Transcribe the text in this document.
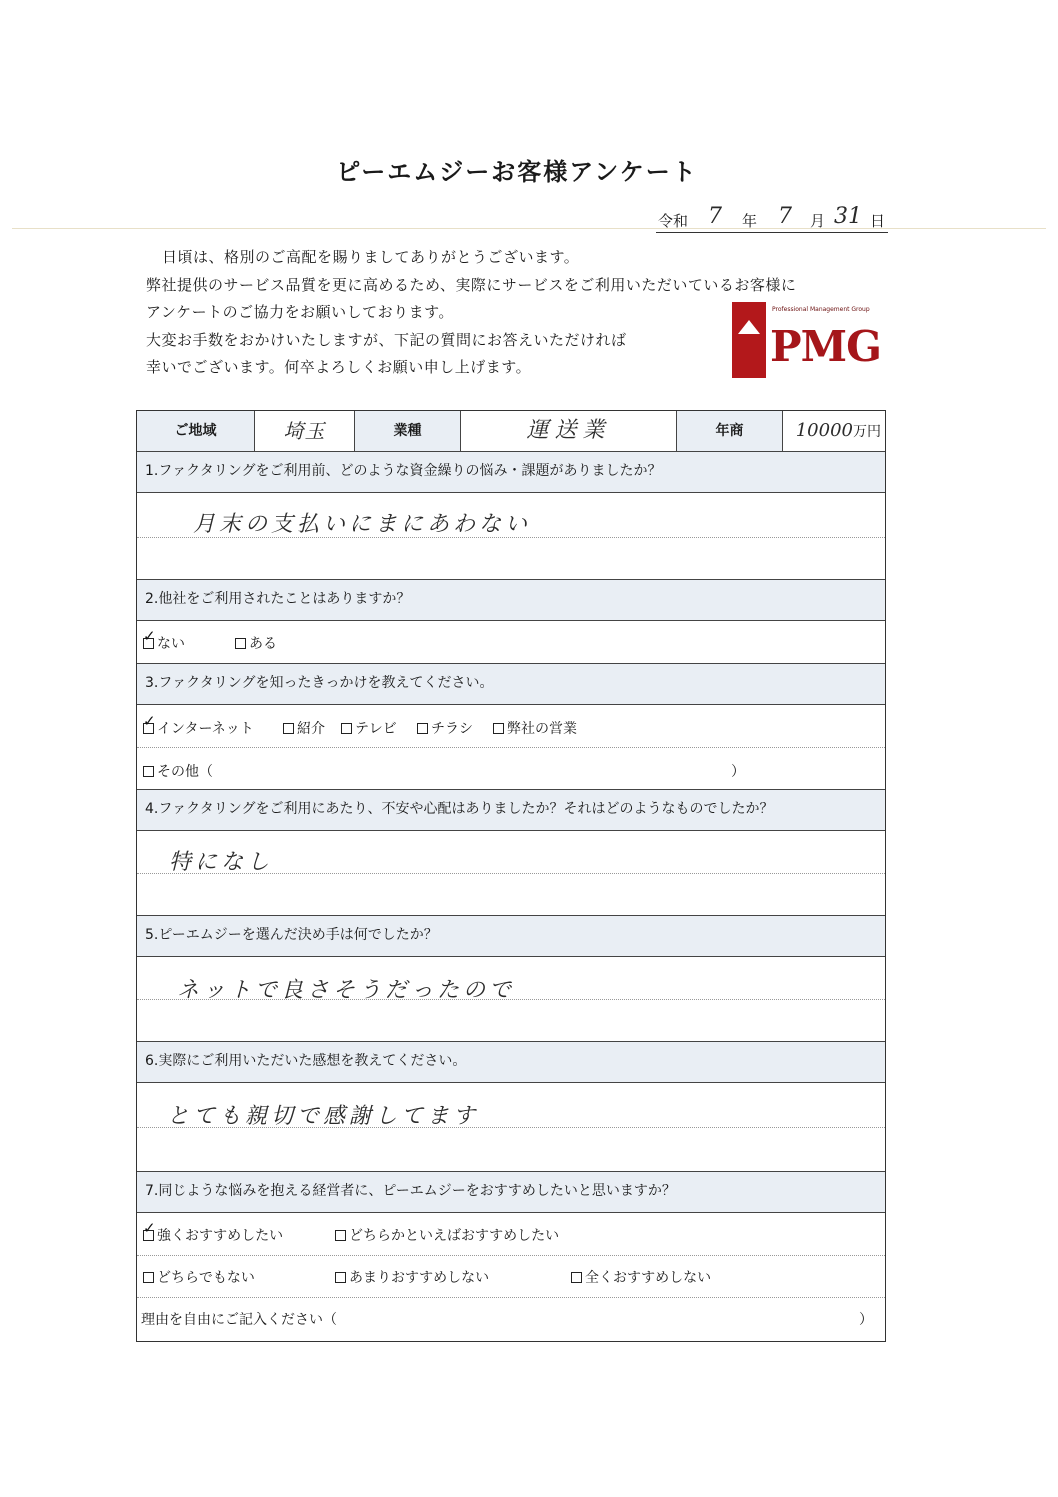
ピーエムジーお客様アンケート
令和 7 年 7 月 31 日
日頃は、格別のご高配を賜りましてありがとうございます。
弊社提供のサービス品質を更に高めるため、実際にサービスをご利用いただいているお客様に
アンケートのご協力をお願いしております。
大変お手数をおかけいたしますが、下記の質問にお答えいただければ
幸いでございます。何卒よろしくお願い申し上げます。
Professional Management Group
PMG
ご地域	埼玉	業種	運送業	年商	10000万円
1.ファクタリングをご利用前、どのような資金繰りの悩み・課題がありましたか？
月末の支払いにまにあわない
2.他社をご利用されたことはありますか？
✓ない	ある
3.ファクタリングを知ったきっかけを教えてください。
✓インターネット	紹介	テレビ	チラシ	弊社の営業
その他（	）
4.ファクタリングをご利用にあたり、不安や心配はありましたか？それはどのようなものでしたか？
特になし
5.ピーエムジーを選んだ決め手は何でしたか？
ネットで良さそうだったので
6.実際にご利用いただいた感想を教えてください。
とても親切で感謝してます
7.同じような悩みを抱える経営者に、ピーエムジーをおすすめしたいと思いますか？
✓強くおすすめしたい	どちらかといえばおすすめしたい
どちらでもない	あまりおすすめしない	全くおすすめしない
理由を自由にご記入ください（	）
